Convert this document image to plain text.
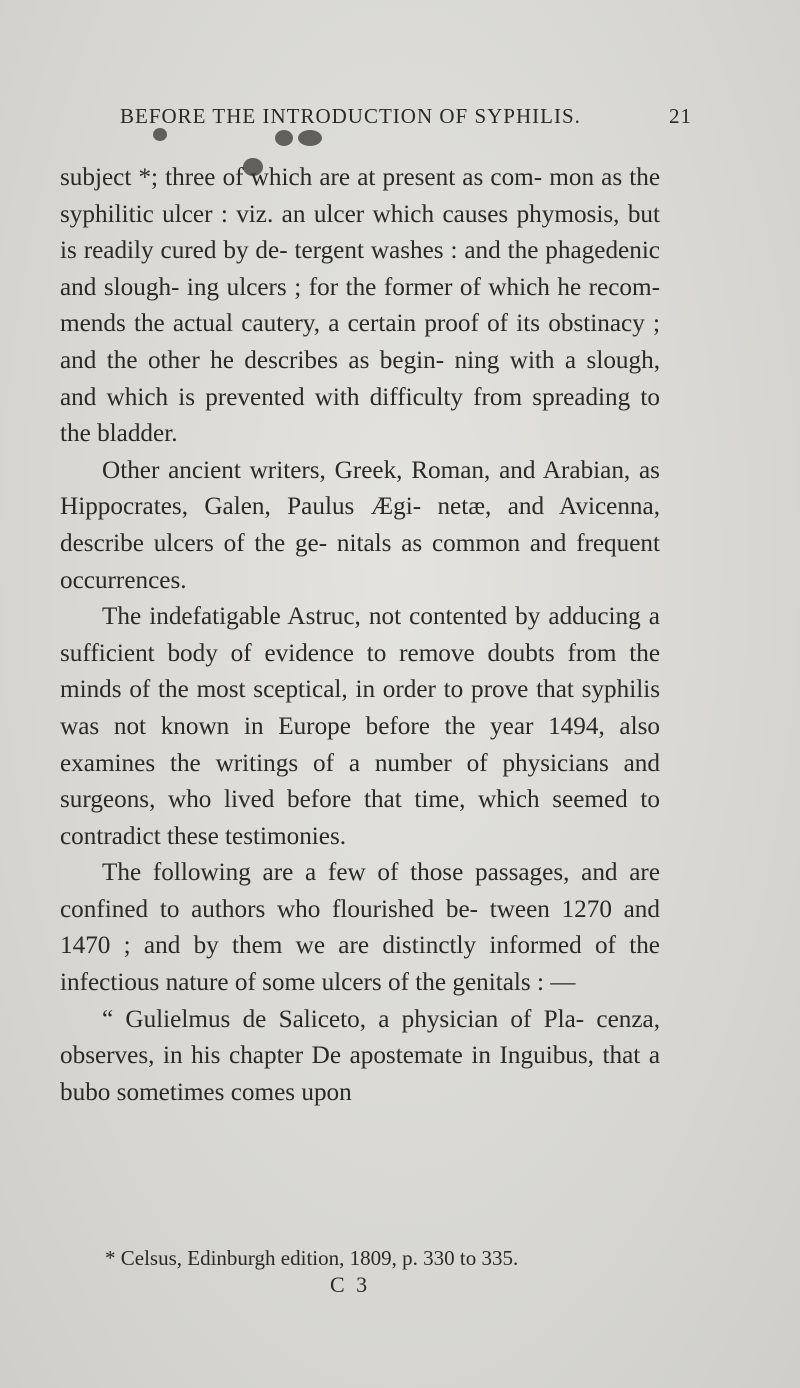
BEFORE THE INTRODUCTION OF SYPHILIS.	21

subject *; three of which are at present as com- mon as the syphilitic ulcer : viz. an ulcer which causes phymosis, but is readily cured by de- tergent washes : and the phagedenic and slough- ing ulcers ; for the former of which he recom- mends the actual cautery, a certain proof of its obstinacy ; and the other he describes as begin- ning with a slough, and which is prevented with difficulty from spreading to the bladder.

Other ancient writers, Greek, Roman, and Arabian, as Hippocrates, Galen, Paulus Ægi- netæ, and Avicenna, describe ulcers of the ge- nitals as common and frequent occurrences.

The indefatigable Astruc, not contented by adducing a sufficient body of evidence to remove doubts from the minds of the most sceptical, in order to prove that syphilis was not known in Europe before the year 1494, also examines the writings of a number of physicians and surgeons, who lived before that time, which seemed to contradict these testimonies.

The following are a few of those passages, and are confined to authors who flourished be- tween 1270 and 1470 ; and by them we are distinctly informed of the infectious nature of some ulcers of the genitals : —

“ Gulielmus de Saliceto, a physician of Pla- cenza, observes, in his chapter De apostemate in Inguibus, that a bubo sometimes comes upon

* Celsus, Edinburgh edition, 1809, p. 330 to 335.
C 3
